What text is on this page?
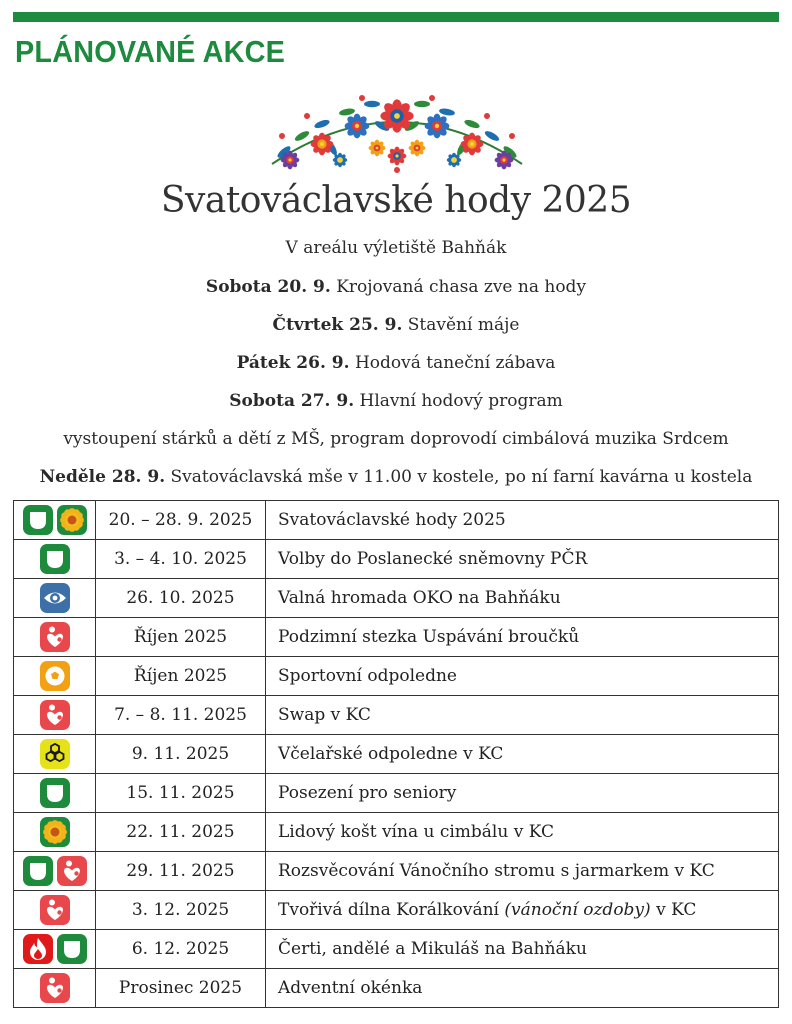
PLÁNOVANÉ AKCE
Svatováclavské hody 2025
V areálu výletiště Bahňák
Sobota 20. 9. Krojovaná chasa zve na hody
Čtvrtek 25. 9. Stavění máje
Pátek 26. 9. Hodová taneční zábava
Sobota 27. 9. Hlavní hodový program
vystoupení stárků a dětí z MŠ, program doprovodí cimbálová muzika Srdcem
Neděle 28. 9. Svatováclavská mše v 11.00 v kostele, po ní farní kavárna u kostela
	20. – 28. 9. 2025	Svatováclavské hody 2025

	3. – 4. 10. 2025	Volby do Poslanecké sněmovny PČR

	26. 10. 2025	Valná hromada OKO na Bahňáku

	Říjen 2025	Podzimní stezka Uspávání broučků

	Říjen 2025	Sportovní odpoledne

	7. – 8. 11. 2025	Swap v KC

	9. 11. 2025	Včelařské odpoledne v KC

	15. 11. 2025	Posezení pro seniory

	22. 11. 2025	Lidový košt vína u cimbálu v KC

	29. 11. 2025	Rozsvěcování Vánočního stromu s jarmarkem v KC

	3. 12. 2025	Tvořivá dílna Korálkování (vánoční ozdoby) v KC

	6. 12. 2025	Čerti, andělé a Mikuláš na Bahňáku

	Prosinec 2025	Adventní okénka
